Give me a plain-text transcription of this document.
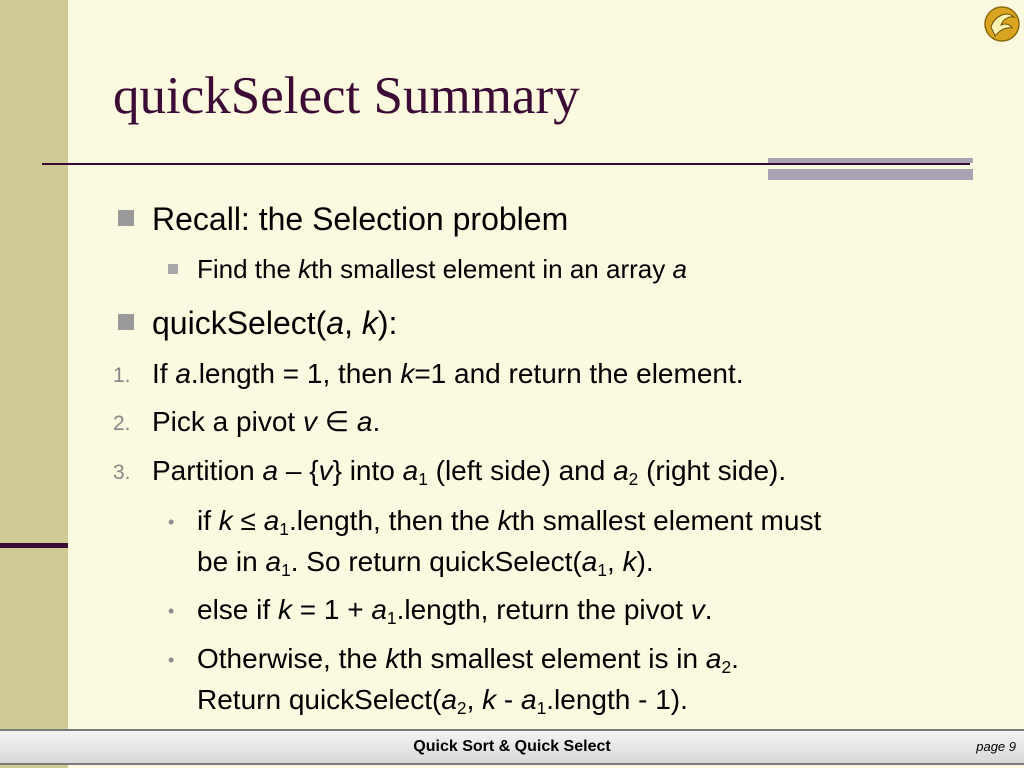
quickSelect Summary
Recall: the Selection problem
Find the kth smallest element in an array a
quickSelect(a, k):
1. If a.length = 1, then k=1 and return the element.
2. Pick a pivot v ∈ a.
3. Partition a – {v} into $a_1$ (left side) and $a_2$ (right side).
• if $k \le a_1.length$, then the kth smallest element must
be in $a_1$. So return $quickSelect(a_1$, k).
• else if $k = 1 + a_1.length$, return the pivot v.
• Otherwise, the kth smallest element is in $a_2$.
Return $quickSelect(a_2$, k - $a_1.length - 1$).
Quick Sort & Quick Select	page 9
